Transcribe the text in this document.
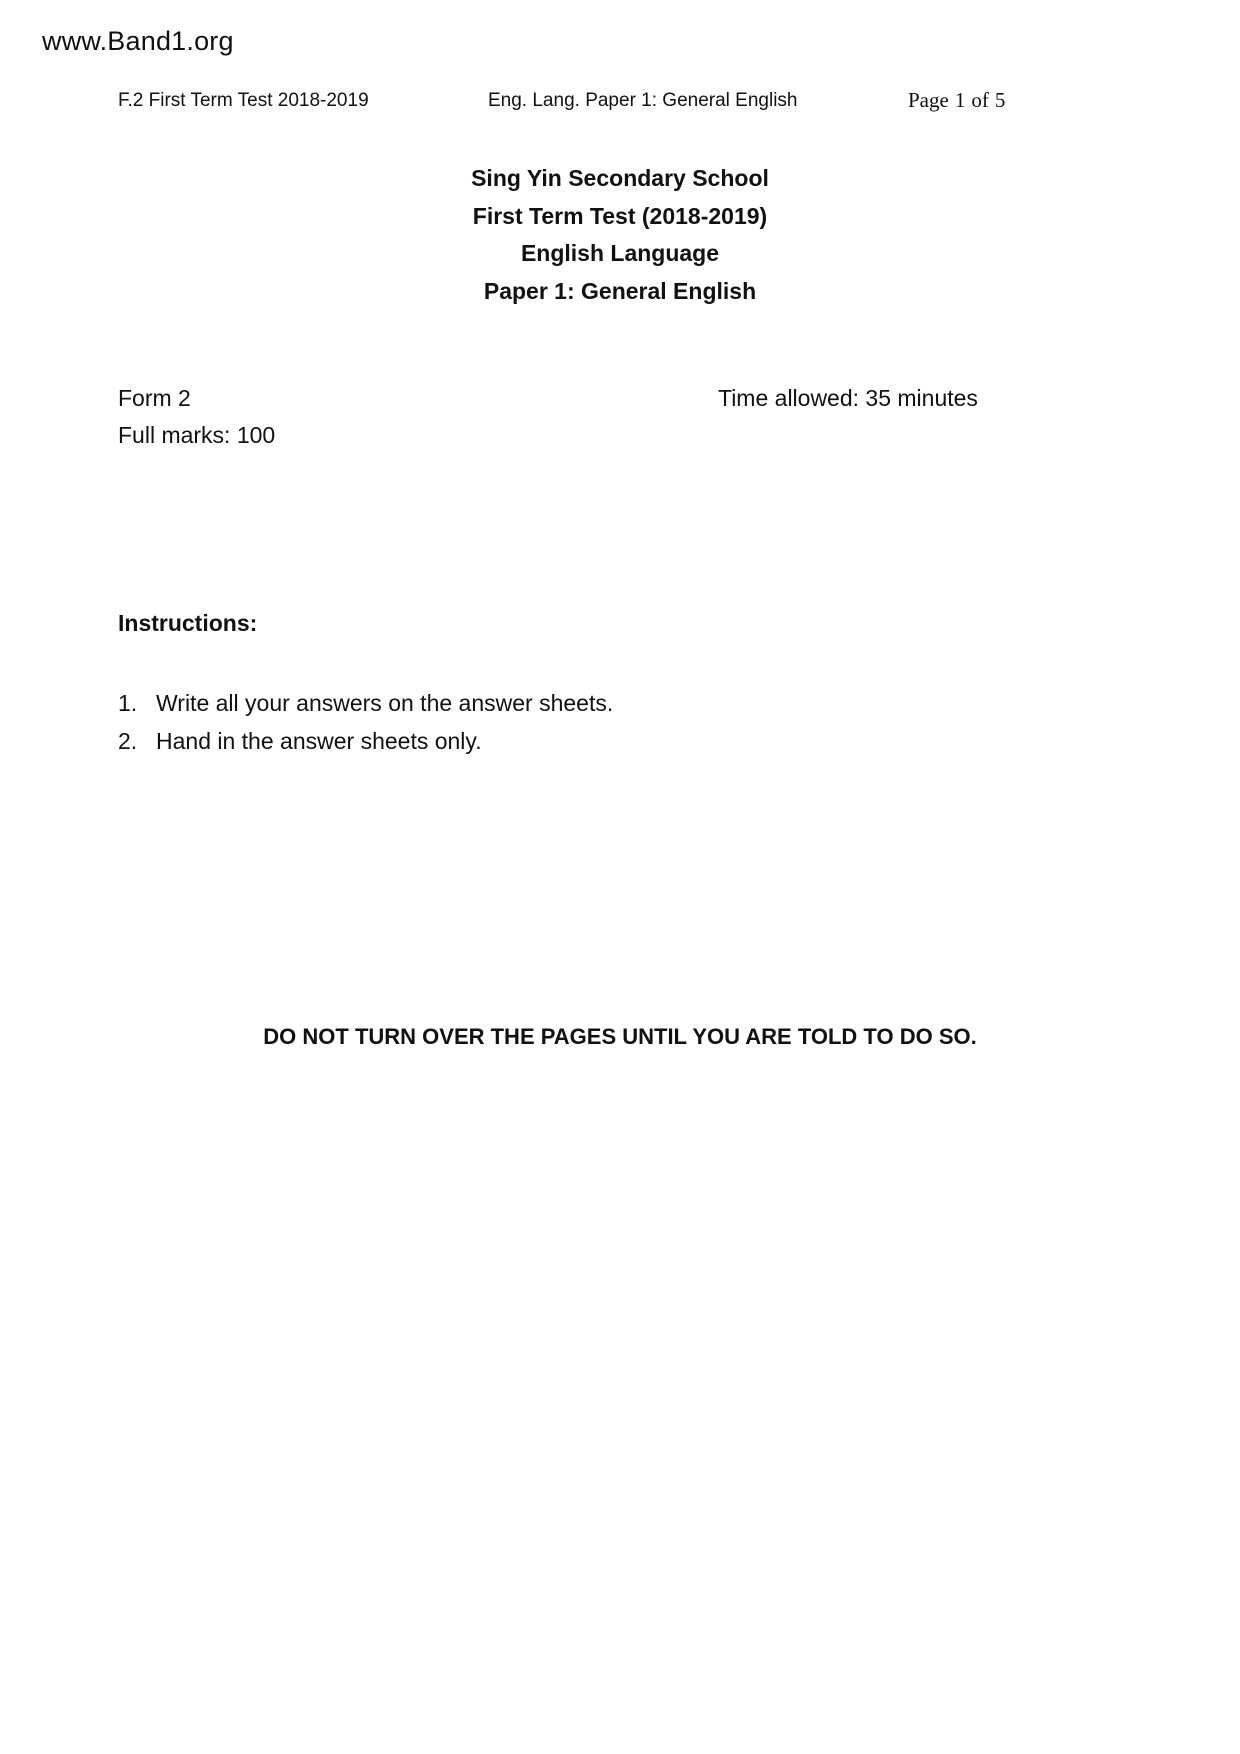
www.Band1.org
F.2 First Term Test 2018-2019	Eng. Lang. Paper 1: General English	Page 1 of 5
Sing Yin Secondary School
First Term Test (2018-2019)
English Language
Paper 1: General English
Form 2
Full marks: 100
Time allowed: 35 minutes
Instructions:
1. Write all your answers on the answer sheets.
2. Hand in the answer sheets only.
DO NOT TURN OVER THE PAGES UNTIL YOU ARE TOLD TO DO SO.
